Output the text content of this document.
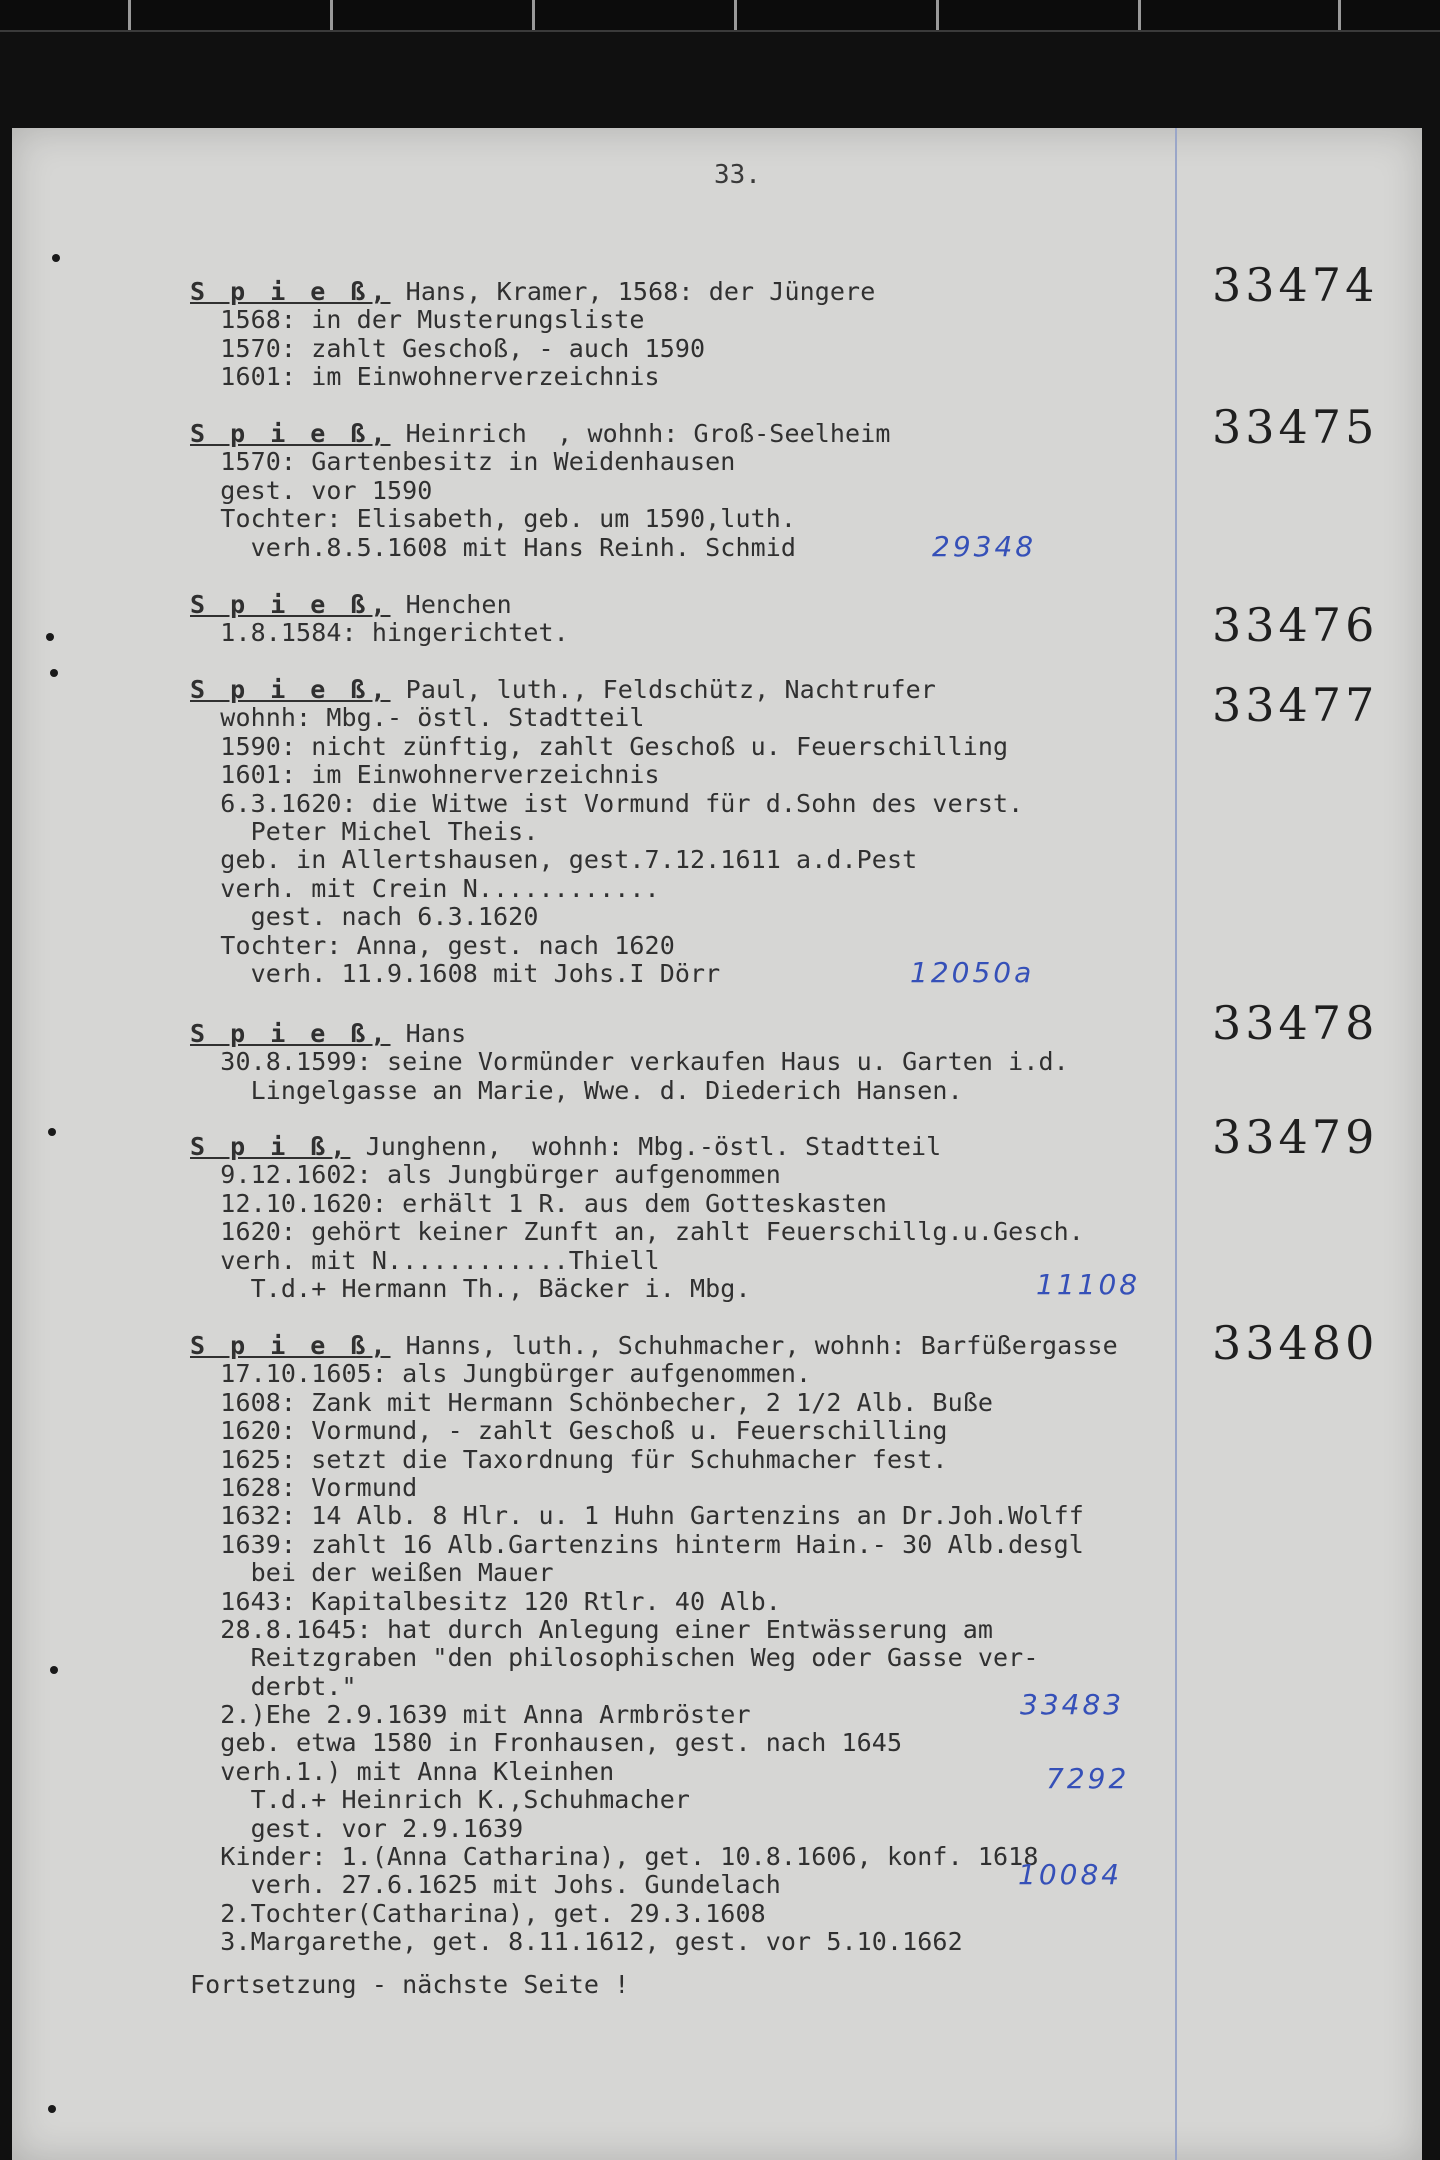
33.
S p i e ß, Hans, Kramer, 1568: der Jüngere
1568: in der Musterungsliste
1570: zahlt Geschoß, - auch 1590
1601: im Einwohnerverzeichnis
33474
S p i e ß, Heinrich  , wohnh: Groß-Seelheim
1570: Gartenbesitz in Weidenhausen
gest. vor 1590
Tochter: Elisabeth, geb. um 1590,luth.
verh.8.5.1608 mit Hans Reinh. Schmid
33475
29348
S p i e ß, Henchen
1.8.1584: hingerichtet.	33476
S p i e ß, Paul, luth., Feldschütz, Nachtrufer
wohnh: Mbg.- östl. Stadtteil
1590: nicht zünftig, zahlt Geschoß u. Feuerschilling
1601: im Einwohnerverzeichnis
6.3.1620: die Witwe ist Vormund für d.Sohn des verst.
Peter Michel Theis.
geb. in Allertshausen, gest.7.12.1611 a.d.Pest
verh. mit Crein N............
gest. nach 6.3.1620
Tochter: Anna, gest. nach 1620
verh. 11.9.1608 mit Johs.I Dörr
33477
12050a
S p i e ß, Hans
30.8.1599: seine Vormünder verkaufen Haus u. Garten i.d.
Lingelgasse an Marie, Wwe. d. Diederich Hansen.
33478
S p i ß, Junghenn,  wohnh: Mbg.-östl. Stadtteil
9.12.1602: als Jungbürger aufgenommen
12.10.1620: erhält 1 R. aus dem Gotteskasten
1620: gehört keiner Zunft an, zahlt Feuerschillg.u.Gesch.
verh. mit N............Thiell
T.d.+ Hermann Th., Bäcker i. Mbg.
33479
11108
S p i e ß, Hanns, luth., Schuhmacher, wohnh: Barfüßergasse
17.10.1605: als Jungbürger aufgenommen.
1608: Zank mit Hermann Schönbecher, 2 1/2 Alb. Buße
1620: Vormund, - zahlt Geschoß u. Feuerschilling
1625: setzt die Taxordnung für Schuhmacher fest.
1628: Vormund
1632: 14 Alb. 8 Hlr. u. 1 Huhn Gartenzins an Dr.Joh.Wolff
1639: zahlt 16 Alb.Gartenzins hinterm Hain.- 30 Alb.desgl
bei der weißen Mauer
1643: Kapitalbesitz 120 Rtlr. 40 Alb.
28.8.1645: hat durch Anlegung einer Entwässerung am
Reitzgraben "den philosophischen Weg oder Gasse ver-
derbt."
2.)Ehe 2.9.1639 mit Anna Armbröster
geb. etwa 1580 in Fronhausen, gest. nach 1645
verh.1.) mit Anna Kleinhen
T.d.+ Heinrich K.,Schuhmacher
gest. vor 2.9.1639
Kinder: 1.(Anna Catharina), get. 10.8.1606, konf. 1618
verh. 27.6.1625 mit Johs. Gundelach
2.Tochter(Catharina), get. 29.3.1608
3.Margarethe, get. 8.11.1612, gest. vor 5.10.1662
33480
33483
7292
10084
Fortsetzung - nächste Seite !
